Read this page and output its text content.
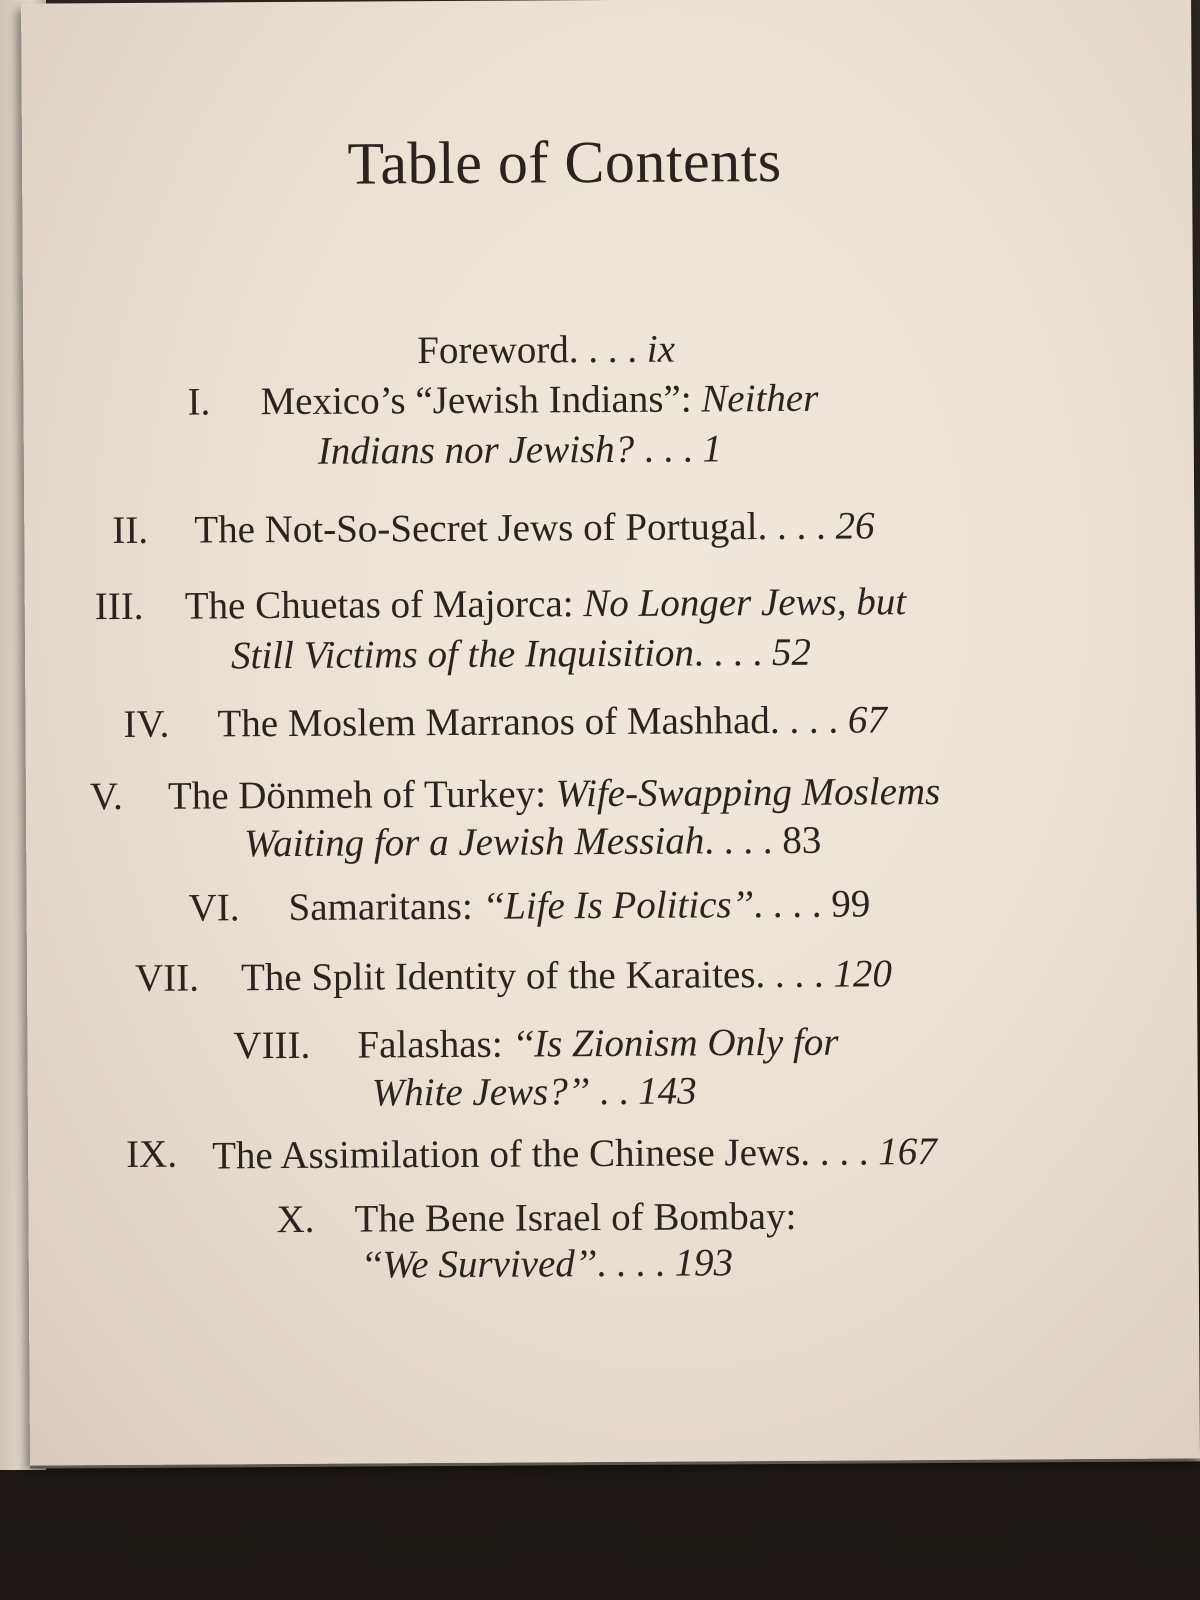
Table of Contents
Foreword. . . . ix
I. Mexico’s “Jewish Indians”: Neither
Indians nor Jewish? . . . 1
II. The Not-So-Secret Jews of Portugal. . . . 26
III. The Chuetas of Majorca: No Longer Jews, but
Still Victims of the Inquisition. . . . 52
IV. The Moslem Marranos of Mashhad. . . . 67
V. The Dönmeh of Turkey: Wife-Swapping Moslems
Waiting for a Jewish Messiah. . . . 83
VI. Samaritans: ‘‘Life Is Politics’’. . . . 99
VII. The Split Identity of the Karaites. . . . 120
VIII. Falashas: ‘‘Is Zionism Only for
White Jews?’’ . . 143
IX. The Assimilation of the Chinese Jews. . . . 167
X. The Bene Israel of Bombay:
‘‘We Survived’’. . . . 193
